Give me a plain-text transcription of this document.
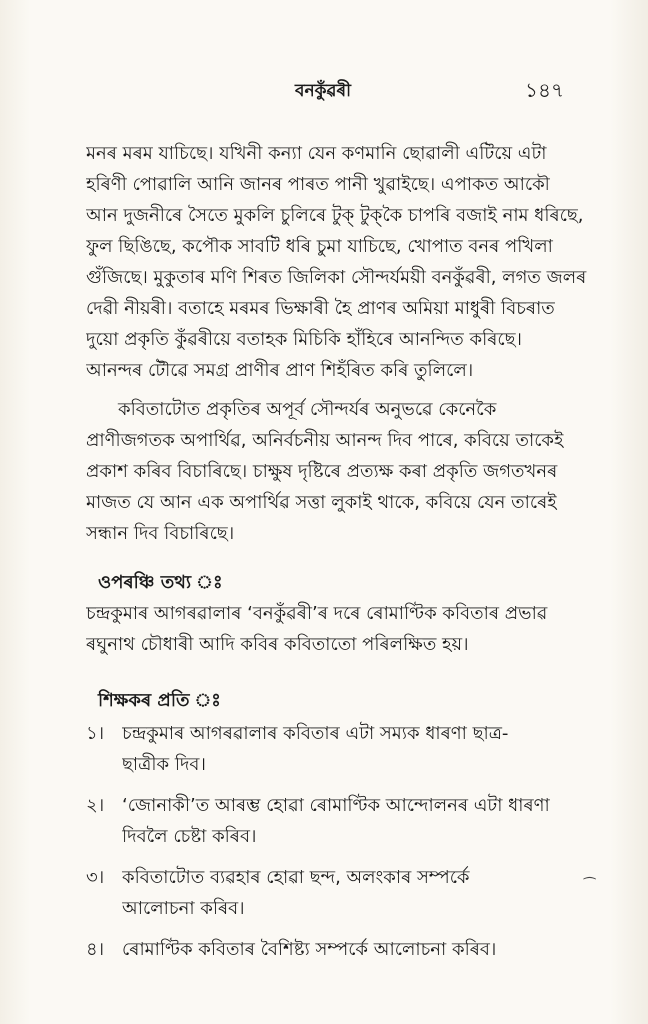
বনকুঁৱৰী	১৪৭
মনৰ মৰম যাচিছে। যখিনী কন্যা যেন কণমানি ছোৱালী এটিয়ে এটা
হৰিণী পোৱালি আনি জানৰ পাৰত পানী খুৱাইছে। এপাকত আকৌ
আন দুজনীৰে সৈতে মুকলি চুলিৰে টুক্ টুক্‌কৈ চাপৰি বজাই নাম ধৰিছে,
ফুল ছিঙিছে, কপৌক সাবটি ধৰি চুমা যাচিছে, খোপাত বনৰ পখিলা
গুঁজিছে। মুকুতাৰ মণি শিৰত জিলিকা সৌন্দৰ্যময়ী বনকুঁৱৰী, লগত জলৰ
দেৱী নীয়ৰী। বতাহে মৰমৰ ভিক্ষাৰী হৈ প্ৰাণৰ অমিয়া মাধুৰী বিচৰাত
দুয়ো প্ৰকৃতি কুঁৱৰীয়ে বতাহক মিচিকি হাঁহিৰে আনন্দিত কৰিছে।
আনন্দৰ টৌৱে সমগ্ৰ প্ৰাণীৰ প্ৰাণ শিহঁৰিত কৰি তুলিলে।
কবিতাটোত প্ৰকৃতিৰ অপূৰ্ব সৌন্দৰ্যৰ অনুভৱে কেনেকৈ
প্ৰাণীজগতক অপাৰ্থিৱ, অনিৰ্বচনীয় আনন্দ দিব পাৰে, কবিয়ে তাকেই
প্ৰকাশ কৰিব বিচাৰিছে। চাক্ষুষ দৃষ্টিৰে প্ৰত্যক্ষ কৰা প্ৰকৃতি জগতখনৰ
মাজত যে আন এক অপাৰ্থিৱ সত্তা লুকাই থাকে, কবিয়ে যেন তাৰেই
সন্ধান দিব বিচাৰিছে।
ওপৰঞ্চি তথ্য ঃ
চন্দ্ৰকুমাৰ আগৰৱালাৰ ‘বনকুঁৱৰী’ৰ দৰে ৰোমাণ্টিক কবিতাৰ প্ৰভাৱ
ৰঘুনাথ চৌধাৰী আদি কবিৰ কবিতাতো পৰিলক্ষিত হয়।
শিক্ষকৰ প্ৰতি ঃ
১। চন্দ্ৰকুমাৰ আগৰৱালাৰ কবিতাৰ এটা সম্যক ধাৰণা ছাত্ৰ-
ছাত্ৰীক দিব।
২। ‘জোনাকী’ত আৰম্ভ হোৱা ৰোমাণ্টিক আন্দোলনৰ এটা ধাৰণা
দিবলৈ চেষ্টা কৰিব।
৩। কবিতাটোত ব্যৱহাৰ হোৱা ছন্দ, অলংকাৰ সম্পৰ্কে
আলোচনা কৰিব।
৪। ৰোমাণ্টিক কবিতাৰ বৈশিষ্ট্য সম্পৰ্কে আলোচনা কৰিব।
⁀
